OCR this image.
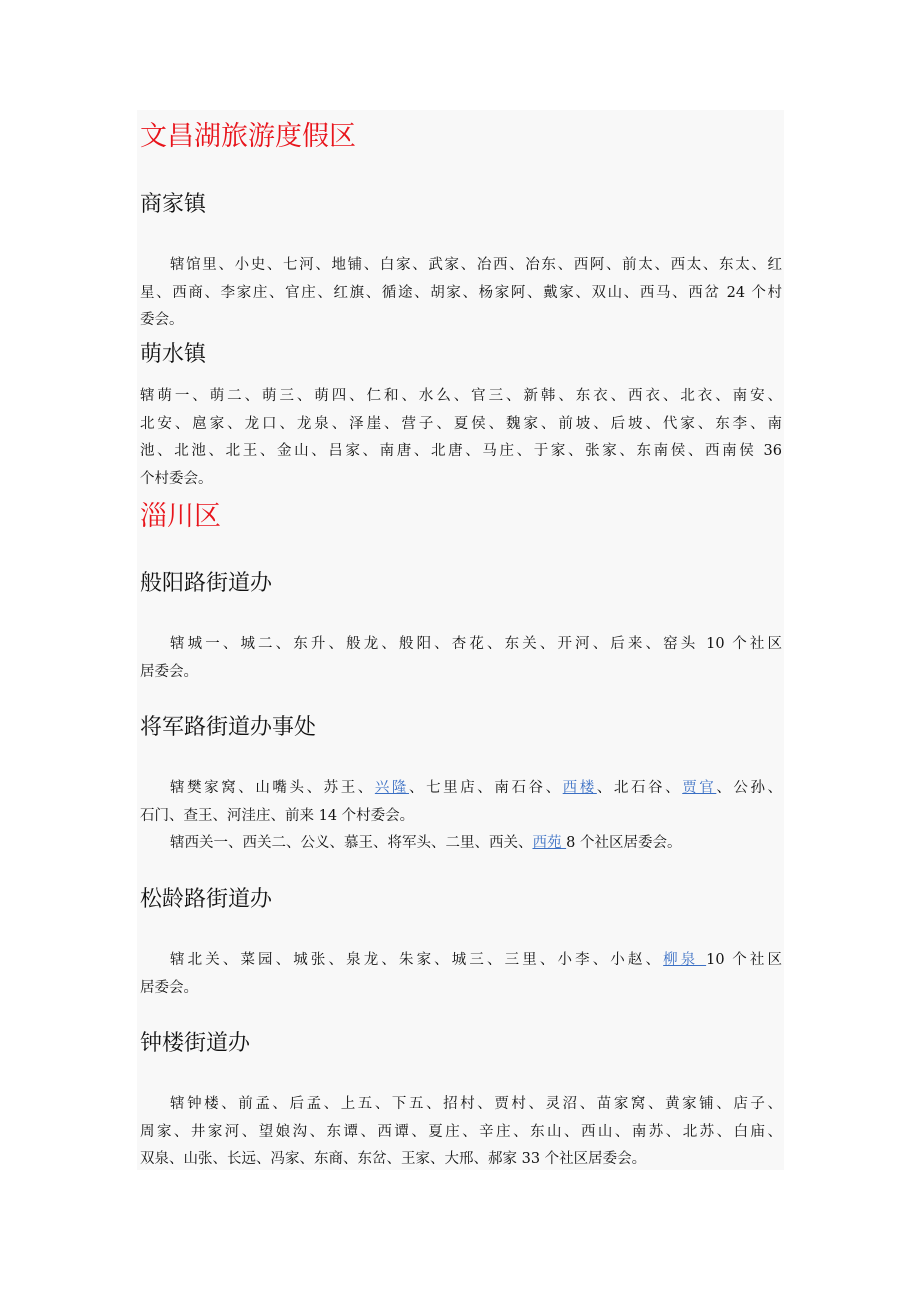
文昌湖旅游度假区
商家镇
辖馆里、小史、七河、地铺、白家、武家、冶西、冶东、西阿、前太、西太、东太、红
星、西商、李家庄、官庄、红旗、循途、胡家、杨家阿、戴家、双山、西马、西岔 24 个村
委会。
萌水镇
辖萌一、萌二、萌三、萌四、仁和、水么、官三、新韩、东衣、西衣、北衣、南安、
北安、扈家、龙口、龙泉、泽崖、营子、夏侯、魏家、前坡、后坡、代家、东李、南
池、北池、北王、金山、吕家、南唐、北唐、马庄、于家、张家、东南侯、西南侯 36
个村委会。
淄川区
般阳路街道办
辖城一、城二、东升、般龙、般阳、杏花、东关、开河、后来、窑头 10 个社区
居委会。
将军路街道办事处
辖樊家窝、山嘴头、苏王、兴隆、七里店、南石谷、西楼、北石谷、贾官、公孙、
石门、查王、河洼庄、前来 14 个村委会。
辖西关一、西关二、公义、慕王、将军头、二里、西关、西苑 8 个社区居委会。
松龄路街道办
辖北关、菜园、城张、泉龙、朱家、城三、三里、小李、小赵、柳泉 10 个社区
居委会。
钟楼街道办
辖钟楼、前孟、后孟、上五、下五、招村、贾村、灵沼、苗家窝、黄家铺、店子、
周家、井家河、望娘沟、东谭、西谭、夏庄、辛庄、东山、西山、南苏、北苏、白庙、
双泉、山张、长远、冯家、东商、东岔、王家、大邢、郝家 33 个社区居委会。
